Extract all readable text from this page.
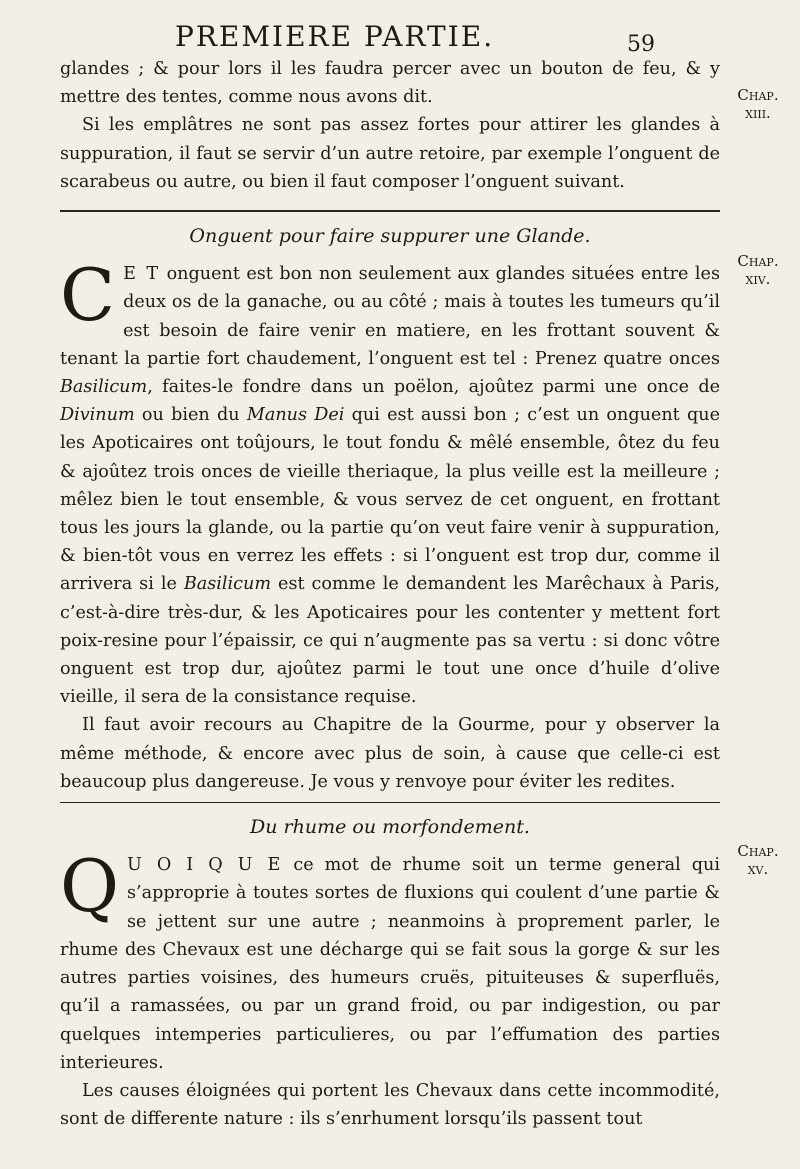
PREMIERE PARTIE.	59
Chap.
xiii.
Chap.
xiv.
Chap.
xv.

glandes ; & pour lors il les faudra percer avec un bouton de feu, & y mettre des tentes, comme nous avons dit.

Si les emplâtres ne sont pas assez fortes pour attirer les glandes à suppuration, il faut se servir d’un autre retoire, par exemple l’onguent de scarabeus ou autre, ou bien il faut composer l’onguent suivant.

Onguent pour faire suppurer une Glande.

C E T onguent est bon non seulement aux glandes situées entre les deux os de la ganache, ou au côté ; mais à toutes les tumeurs qu’il est besoin de faire venir en matiere, en les frottant souvent & tenant la partie fort chaudement, l’onguent est tel : Prenez quatre onces Basilicum, faites-le fondre dans un poëlon, ajoûtez parmi une once de Divinum ou bien du Manus Dei qui est aussi bon ; c’est un onguent que les Apoticaires ont toûjours, le tout fondu & mêlé ensemble, ôtez du feu & ajoûtez trois onces de vieille theriaque, la plus veille est la meilleure ; mêlez bien le tout ensemble, & vous servez de cet onguent, en frottant tous les jours la glande, ou la partie qu’on veut faire venir à suppuration, & bien-tôt vous en verrez les effets : si l’onguent est trop dur, comme il arrivera si le Basilicum est comme le demandent les Marêchaux à Paris, c’est-à-dire très-dur, & les Apoticaires pour les contenter y mettent fort poix-resine pour l’épaissir, ce qui n’augmente pas sa vertu : si donc vôtre onguent est trop dur, ajoûtez parmi le tout une once d’huile d’olive vieille, il sera de la consistance requise.

Il faut avoir recours au Chapitre de la Gourme, pour y observer la même méthode, & encore avec plus de soin, à cause que celle-ci est beaucoup plus dangereuse. Je vous y renvoye pour éviter les redites.

Du rhume ou morfondement.

Q U O I Q U E ce mot de rhume soit un terme general qui s’approprie à toutes sortes de fluxions qui coulent d’une partie & se jettent sur une autre ; neanmoins à proprement parler, le rhume des Chevaux est une décharge qui se fait sous la gorge & sur les autres parties voisines, des humeurs cruës, pituiteuses & superfluës, qu’il a ramassées, ou par un grand froid, ou par indigestion, ou par quelques intemperies particulieres, ou par l’effumation des parties interieures.

Les causes éloignées qui portent les Chevaux dans cette incommodité, sont de differente nature : ils s’enrhument lorsqu’ils passent tout
